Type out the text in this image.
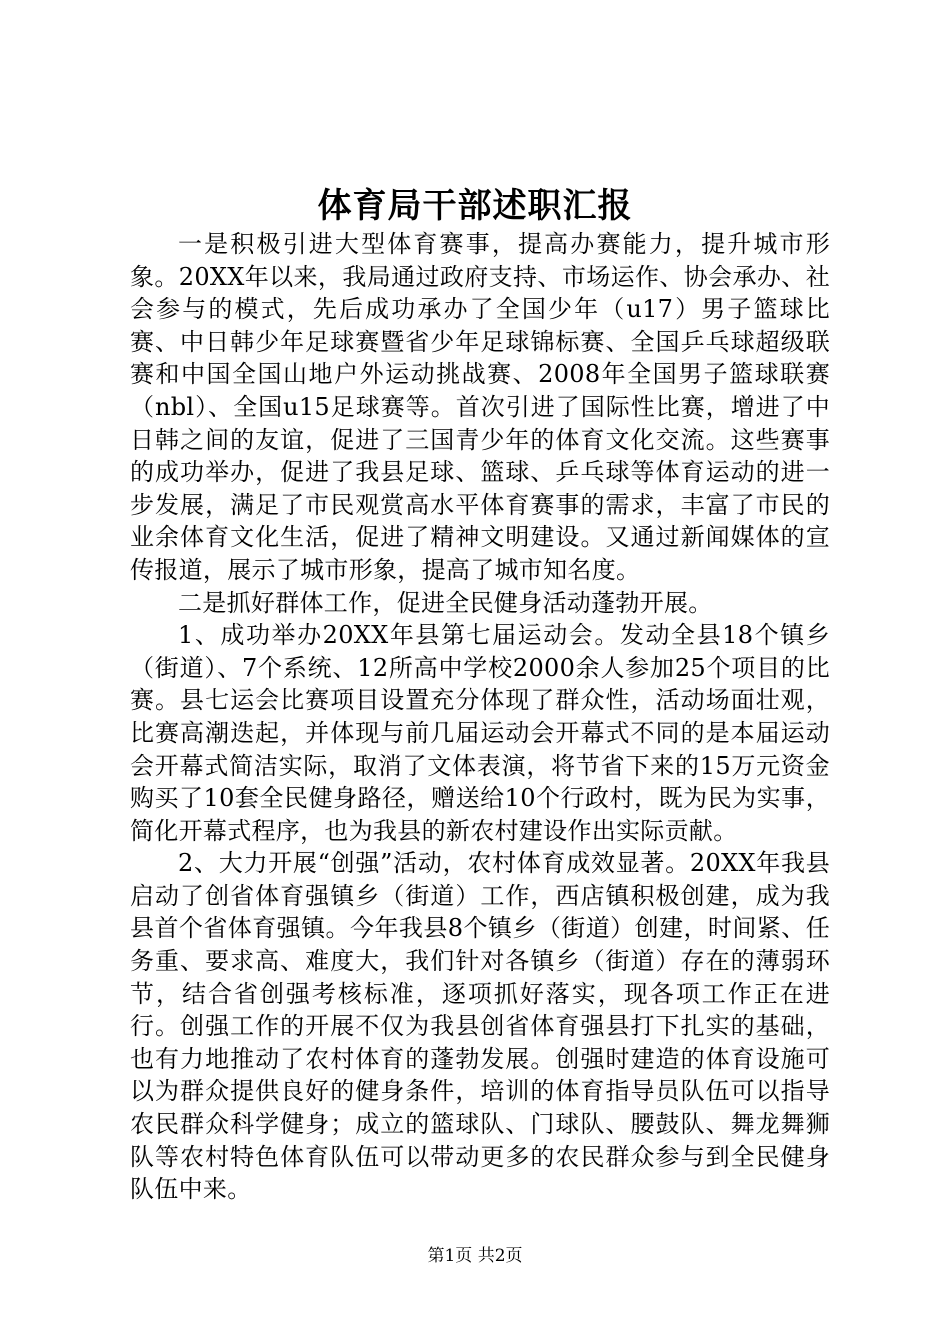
体育局干部述职汇报

一是积极引进大型体育赛事，提高办赛能力，提升城市形象。20XX年以来，我局通过政府支持、市场运作、协会承办、社会参与的模式，先后成功承办了全国少年（u17）男子篮球比赛、中日韩少年足球赛暨省少年足球锦标赛、全国乒乓球超级联赛和中国全国山地户外运动挑战赛、2008年全国男子篮球联赛（nbl）、全国u15足球赛等。首次引进了国际性比赛，增进了中日韩之间的友谊，促进了三国青少年的体育文化交流。这些赛事的成功举办，促进了我县足球、篮球、乒乓球等体育运动的进一步发展，满足了市民观赏高水平体育赛事的需求，丰富了市民的业余体育文化生活，促进了精神文明建设。又通过新闻媒体的宣传报道，展示了城市形象，提高了城市知名度。

二是抓好群体工作，促进全民健身活动蓬勃开展。

1、成功举办20XX年县第七届运动会。发动全县18个镇乡（街道）、7个系统、12所高中学校2000余人参加25个项目的比赛。县七运会比赛项目设置充分体现了群众性，活动场面壮观，比赛高潮迭起，并体现与前几届运动会开幕式不同的是本届运动会开幕式简洁实际，取消了文体表演，将节省下来的15万元资金购买了10套全民健身路径，赠送给10个行政村，既为民为实事，简化开幕式程序，也为我县的新农村建设作出实际贡献。

2、大力开展“创强”活动，农村体育成效显著。20XX年我县启动了创省体育强镇乡（街道）工作，西店镇积极创建，成为我县首个省体育强镇。今年我县8个镇乡（街道）创建，时间紧、任务重、要求高、难度大，我们针对各镇乡（街道）存在的薄弱环节，结合省创强考核标准，逐项抓好落实，现各项工作正在进行。创强工作的开展不仅为我县创省体育强县打下扎实的基础，也有力地推动了农村体育的蓬勃发展。创强时建造的体育设施可以为群众提供良好的健身条件，培训的体育指导员队伍可以指导农民群众科学健身；成立的篮球队、门球队、腰鼓队、舞龙舞狮队等农村特色体育队伍可以带动更多的农民群众参与到全民健身队伍中来。

第1页 共2页
